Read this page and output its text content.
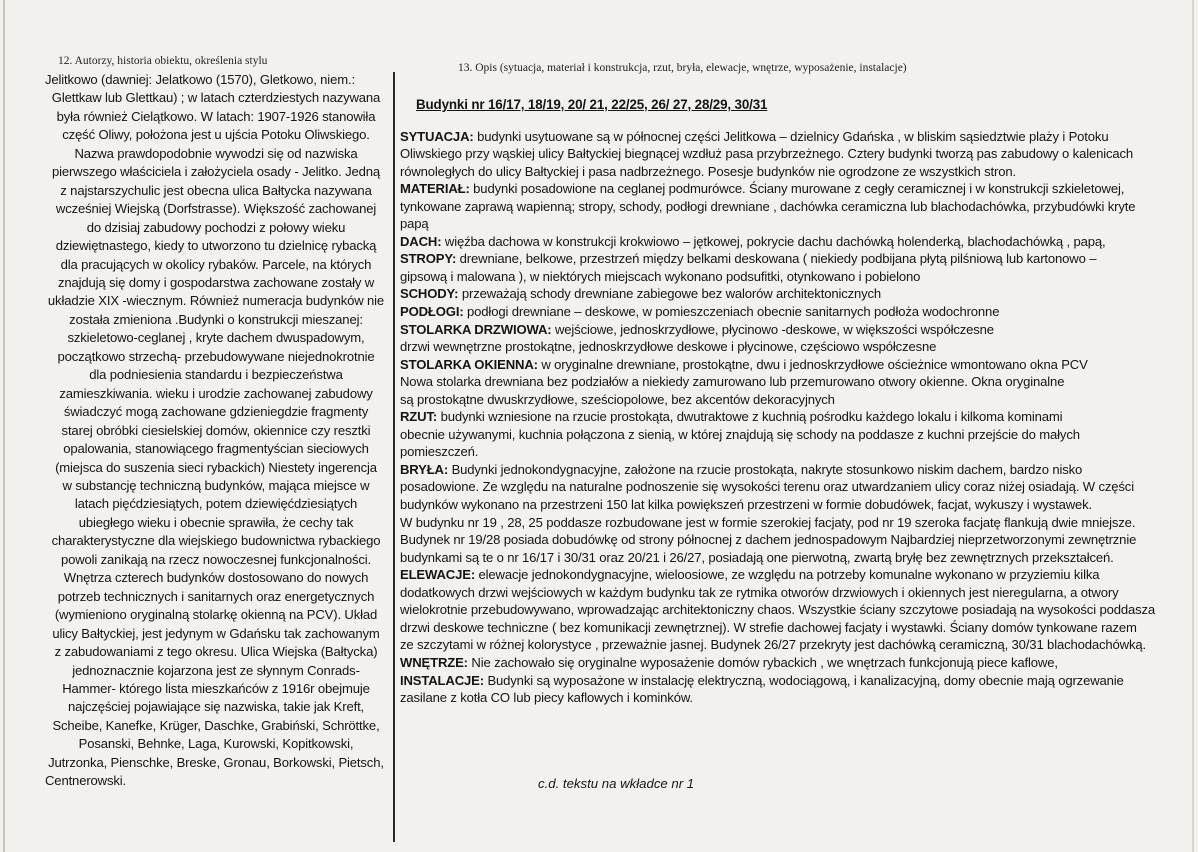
12. Autorzy, historia obiektu, określenia stylu
13. Opis (sytuacja, materiał i konstrukcja, rzut, bryła, elewacje, wnętrze, wyposażenie, instalacje)
Jelitkowo (dawniej: Jelatkowo (1570), Gletkowo, niem.:
Glettkaw lub Glettkau) ; w latach czterdziestych nazywana
była również Cielątkowo. W latach: 1907-1926 stanowiła
część Oliwy, położona jest u ujścia Potoku Oliwskiego.
Nazwa prawdopodobnie wywodzi się od nazwiska
pierwszego właściciela i założyciela osady - Jelitko. Jedną
z najstarszychulic jest obecna ulica Bałtycka nazywana
wcześniej Wiejską (Dorfstrasse). Większość zachowanej
do dzisiaj zabudowy pochodzi z połowy wieku
dziewiętnastego, kiedy to utworzono tu dzielnicę rybacką
dla pracujących w okolicy rybaków. Parcele, na których
znajdują się domy i gospodarstwa zachowane zostały w
układzie XIX -wiecznym. Również numeracja budynków nie
została zmieniona .Budynki o konstrukcji mieszanej:
szkieletowo-ceglanej , kryte dachem dwuspadowym,
początkowo strzechą- przebudowywane niejednokrotnie
dla podniesienia standardu i bezpieczeństwa
zamieszkiwania. wieku i urodzie zachowanej zabudowy
świadczyć mogą zachowane gdzieniegdzie fragmenty
starej obróbki ciesielskiej domów, okiennice czy resztki
opalowania, stanowiącego fragmentyścian sieciowych
(miejsca do suszenia sieci rybackich) Niestety ingerencja
w substancję techniczną budynków, mająca miejsce w
latach pięćdziesiątych, potem dziewięćdziesiątych
ubiegłego wieku i obecnie sprawiła, że cechy tak
charakterystyczne dla wiejskiego budownictwa rybackiego
powoli zanikają na rzecz nowoczesnej funkcjonalności.
Wnętrza czterech budynków dostosowano do nowych
potrzeb technicznych i sanitarnych oraz energetycznych
(wymieniono oryginalną stolarkę okienną na PCV). Układ
ulicy Bałtyckiej, jest jedynym w Gdańsku tak zachowanym
z zabudowaniami z tego okresu. Ulica Wiejska (Bałtycka)
jednoznacznie kojarzona jest ze słynnym Conrads-
Hammer- którego lista mieszkańców z 1916r obejmuje
najczęściej pojawiające się nazwiska, takie jak Kreft,
Scheibe, Kanefke, Krüger, Daschke, Grabiński, Schröttke,
Posanski, Behnke, Laga, Kurowski, Kopitkowski,
Jutrzonka, Pienschke, Breske, Gronau, Borkowski, Pietsch,
Centnerowski.
Budynki nr 16/17, 18/19, 20/ 21, 22/25, 26/ 27, 28/29, 30/31
SYTUACJA: budynki usytuowane są w północnej części Jelitkowa – dzielnicy Gdańska , w bliskim sąsiedztwie plaży i Potoku
Oliwskiego przy wąskiej ulicy Bałtyckiej biegnącej wzdłuż pasa przybrzeżnego. Cztery budynki tworzą pas zabudowy o kalenicach
równoległych do ulicy Bałtyckiej i pasa nadbrzeżnego. Posesje budynków nie ogrodzone ze wszystkich stron.
MATERIAŁ: budynki posadowione na ceglanej podmurówce. Ściany murowane z cegły ceramicznej i w konstrukcji szkieletowej,
tynkowane zaprawą wapienną; stropy, schody, podłogi drewniane , dachówka ceramiczna lub blachodachówka, przybudówki kryte
papą
DACH: więźba dachowa w konstrukcji krokwiowo – jętkowej, pokrycie dachu dachówką holenderką, blachodachówką , papą,
STROPY: drewniane, belkowe, przestrzeń między belkami deskowana ( niekiedy podbijana płytą pilśniową lub kartonowo –
gipsową i malowana ), w niektórych miejscach wykonano podsufitki, otynkowano i pobielono
SCHODY: przeważają schody drewniane zabiegowe bez walorów architektonicznych
PODŁOGI: podłogi drewniane – deskowe, w pomieszczeniach obecnie sanitarnych podłoża wodochronne
STOLARKA DRZWIOWA: wejściowe, jednoskrzydłowe, płycinowo -deskowe, w większości współczesne
drzwi wewnętrzne prostokątne, jednoskrzydłowe deskowe i płycinowe, częściowo współczesne
STOLARKA OKIENNA: w oryginalne drewniane, prostokątne, dwu i jednoskrzydłowe ościeżnice wmontowano okna PCV
Nowa stolarka drewniana bez podziałów a niekiedy zamurowano lub przemurowano otwory okienne. Okna oryginalne
są prostokątne dwuskrzydłowe, sześciopolowe, bez akcentów dekoracyjnych
RZUT: budynki wzniesione na rzucie prostokąta, dwutraktowe z kuchnią pośrodku każdego lokalu i kilkoma kominami
obecnie używanymi, kuchnia połączona z sienią, w której znajdują się schody na poddasze z kuchni przejście do małych
pomieszczeń.
BRYŁA: Budynki jednokondygnacyjne, założone na rzucie prostokąta, nakryte stosunkowo niskim dachem, bardzo nisko
posadowione. Ze względu na naturalne podnoszenie się wysokości terenu oraz utwardzaniem ulicy coraz niżej osiadają. W części
budynków wykonano na przestrzeni 150 lat kilka powiększeń przestrzeni w formie dobudówek, facjat, wykuszy i wystawek.
W budynku nr 19 , 28, 25 poddasze rozbudowane jest w formie szerokiej facjaty, pod nr 19 szeroka facjatę flankują dwie mniejsze.
Budynek nr 19/28 posiada dobudówkę od strony północnej z dachem jednospadowym Najbardziej nieprzetworzonymi zewnętrznie
budynkami są te o nr 16/17 i 30/31 oraz 20/21 i 26/27, posiadają one pierwotną, zwartą bryłę bez zewnętrznych przekształceń.
ELEWACJE: elewacje jednokondygnacyjne, wieloosiowe, ze względu na potrzeby komunalne wykonano w przyziemiu kilka
dodatkowych drzwi wejściowych w każdym budynku tak ze rytmika otworów drzwiowych i okiennych jest nieregularna, a otwory
wielokrotnie przebudowywano, wprowadzając architektoniczny chaos. Wszystkie ściany szczytowe posiadają na wysokości poddasza
drzwi deskowe techniczne ( bez komunikacji zewnętrznej). W strefie dachowej facjaty i wystawki. Ściany domów tynkowane razem
ze szczytami w różnej kolorystyce , przeważnie jasnej. Budynek 26/27 przekryty jest dachówką ceramiczną, 30/31 blachodachówką.
WNĘTRZE: Nie zachowało się oryginalne wyposażenie domów rybackich , we wnętrzach funkcjonują piece kaflowe,
INSTALACJE: Budynki są wyposażone w instalację elektryczną, wodociągową, i kanalizacyjną, domy obecnie mają ogrzewanie
zasilane z kotła CO lub piecy kaflowych i kominków.
c.d. tekstu na wkładce nr 1
